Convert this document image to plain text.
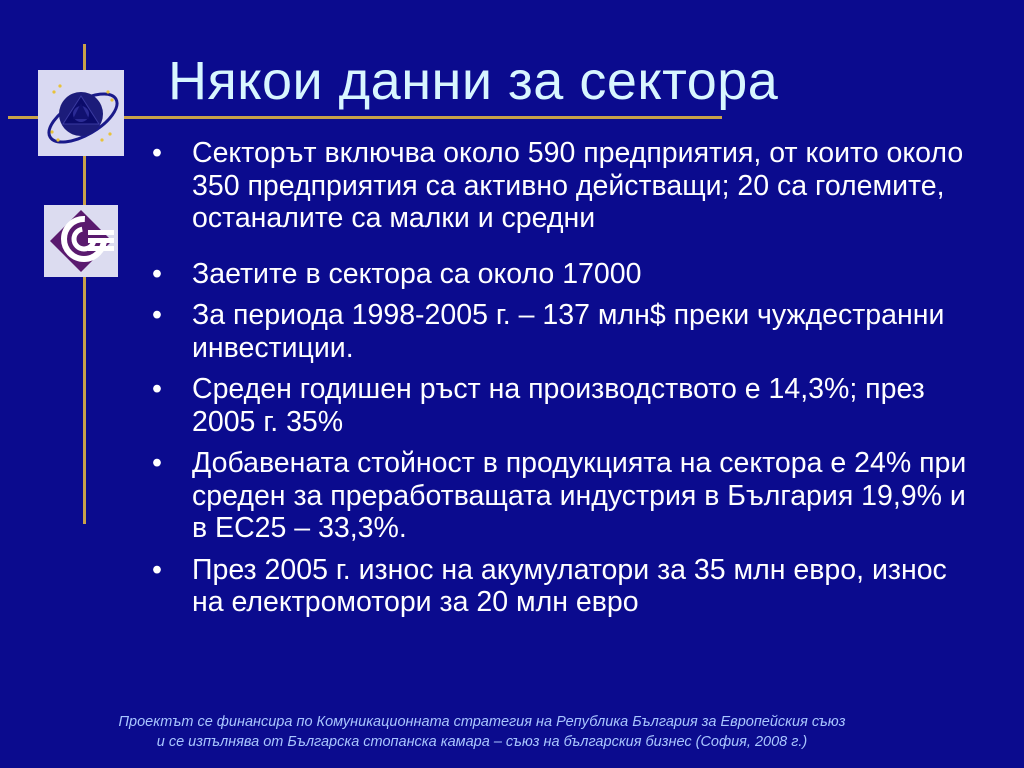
Някои данни за сектора
•	Секторът включва около 590 предприятия, от които около 350 предприятия са активно действащи; 20 са големите, останалите са малки и средни
•	Заетите в сектора са около 17000
•	За периода 1998-2005 г. – 137 млн$ преки чуждестранни инвестиции.
•	Среден годишен ръст на производството е 14,3%; през 2005 г. 35%
•	Добавената стойност в продукцията на сектора е 24% при среден за преработващата индустрия в България 19,9% и в ЕС25 – 33,3%.
•	През 2005 г. износ на акумулатори за 35 млн евро, износ на електромотори за 20 млн евро
Проектът се финансира по Комуникационната стратегия на Република България за Европейския съюз
и се изпълнява от Българска стопанска камара – съюз на българския бизнес (София, 2008 г.)
